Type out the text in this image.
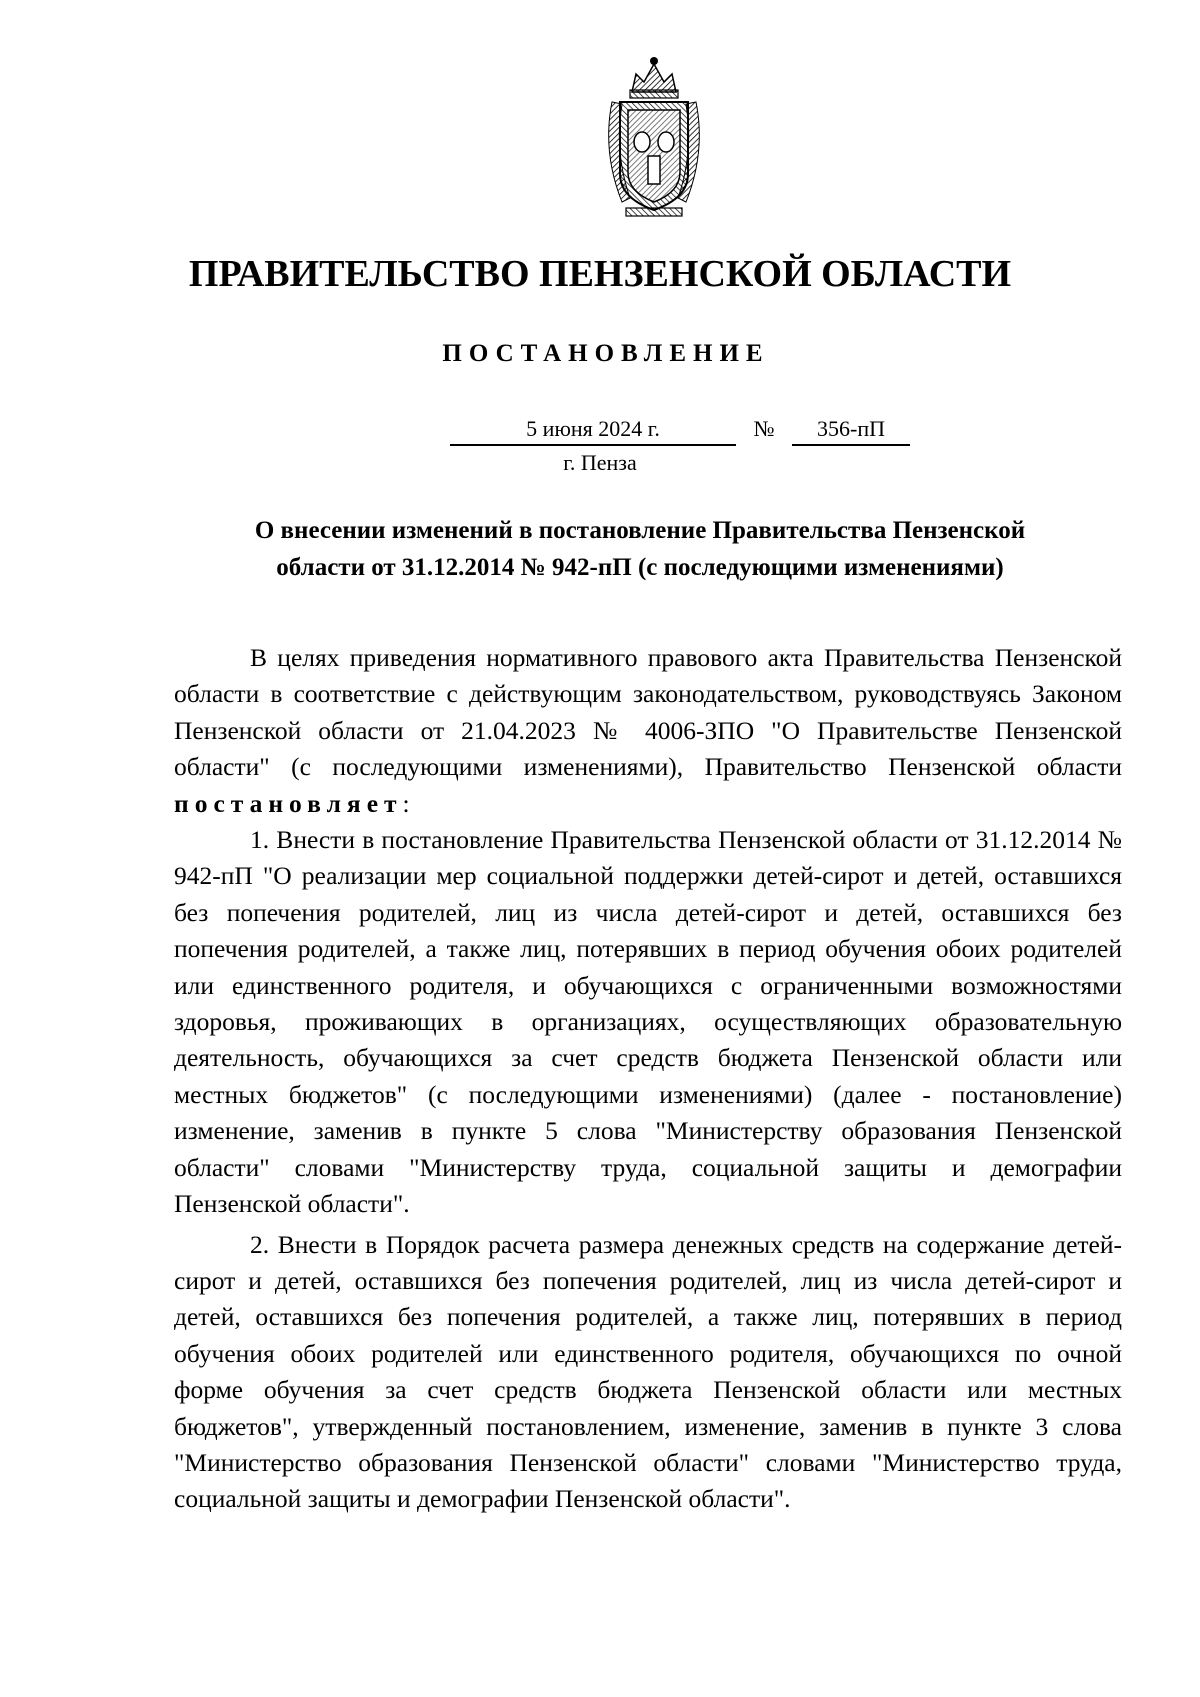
ПРАВИТЕЛЬСТВО ПЕНЗЕНСКОЙ ОБЛАСТИ
ПОСТАНОВЛЕНИЕ
5 июня 2024 г.	№	356-пП
г. Пенза
О внесении изменений в постановление Правительства Пензенской
области от 31.12.2014 № 942-пП (с последующими изменениями)

В целях приведения нормативного правового акта Правительства Пензенской области в соответствие с действующим законодательством, руководствуясь Законом Пензенской области от 21.04.2023 № 4006-ЗПО "О Правительстве Пензенской области" (с последующими изменениями), Правительство Пензенской области постановляет:

1. Внести в постановление Правительства Пензенской области от 31.12.2014 № 942-пП "О реализации мер социальной поддержки детей-сирот и детей, оставшихся без попечения родителей, лиц из числа детей-сирот и детей, оставшихся без попечения родителей, а также лиц, потерявших в период обучения обоих родителей или единственного родителя, и обучающихся с ограниченными возможностями здоровья, проживающих в организациях, осуществляющих образовательную деятельность, обучающихся за счет средств бюджета Пензенской области или местных бюджетов" (с последующими изменениями) (далее - постановление) изменение, заменив в пункте 5 слова "Министерству образования Пензенской области" словами "Министерству труда, социальной защиты и демографии Пензенской области".

2. Внести в Порядок расчета размера денежных средств на содержание детей-сирот и детей, оставшихся без попечения родителей, лиц из числа детей-сирот и детей, оставшихся без попечения родителей, а также лиц, потерявших в период обучения обоих родителей или единственного родителя, обучающихся по очной форме обучения за счет средств бюджета Пензенской области или местных бюджетов", утвержденный постановлением, изменение, заменив в пункте 3 слова "Министерство образования Пензенской области" словами "Министерство труда, социальной защиты и демографии Пензенской области".
